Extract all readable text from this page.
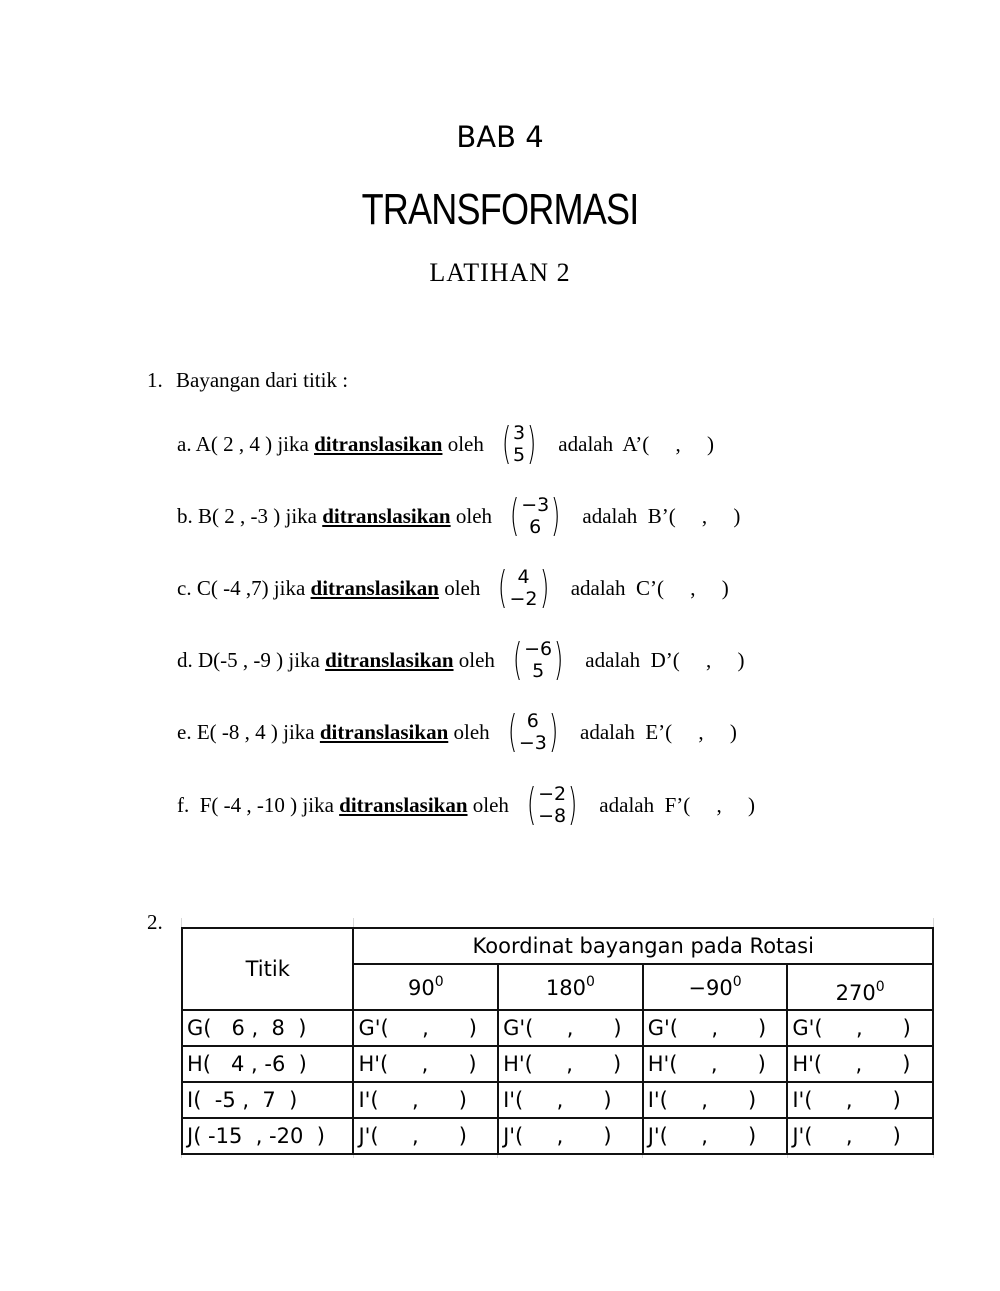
BAB 4
TRANSFORMASI
LATIHAN 2
1. Bayangan dari titik :
a. A( 2 , 4 ) jika ditranslasikan oleh ( 3
5 ) adalah  A’(     ,     )
b. B( 2 , -3 ) jika ditranslasikan oleh ( −3
6 ) adalah  B’(     ,     )
c. C( -4 ,7) jika ditranslasikan oleh ( 4
−2 ) adalah  C’(     ,     )
d. D(-5 , -9 ) jika ditranslasikan oleh ( −6
5 ) adalah  D’(     ,     )
e. E( -8 , 4 ) jika ditranslasikan oleh ( 6
−3 ) adalah  E’(     ,     )
f.  F( -4 , -10 ) jika ditranslasikan oleh ( −2
−8 ) adalah  F’(     ,     )
2.
Titik	Koordinat bayangan pada Rotasi			
	$90^0$	$180^0$	$-90^0$	$270^0$
G(   6 ,  8  )	G'(     ,      )	G'(     ,      )	G'(     ,      )	G'(     ,      )
H(   4 , -6  )	H'(     ,      )	H'(     ,      )	H'(     ,      )	H'(     ,      )
I(  -5 ,  7  )	I'(     ,      )	I'(     ,      )	I'(     ,      )	I'(     ,      )
J( -15  , -20  )	J'(     ,      )	J'(     ,      )	J'(     ,      )	J'(     ,      )
